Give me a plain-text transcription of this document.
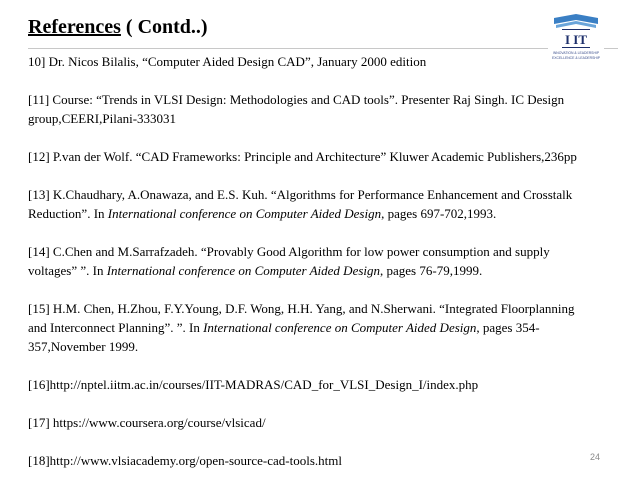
References ( Contd..)
I IT
INNOVATION & LEADERSHIP
EXCELLENCE & LEADERSHIP

10] Dr. Nicos Bilalis, “Computer Aided Design CAD”, January 2000 edition

[11] Course: “Trends in VLSI Design: Methodologies and CAD tools”. Presenter Raj Singh. IC Design group,CEERI,Pilani-333031

[12] P.van der Wolf. “CAD Frameworks: Principle and Architecture” Kluwer Academic Publishers,236pp

[13] K.Chaudhary, A.Onawaza, and E.S. Kuh. “Algorithms for Performance Enhancement and Crosstalk Reduction”. In International conference on Computer Aided Design, pages 697-702,1993.

[14] C.Chen and M.Sarrafzadeh. “Provably Good Algorithm for low power consumption and supply voltages” ”. In International conference on Computer Aided Design, pages 76-79,1999.

[15] H.M. Chen, H.Zhou, F.Y.Young, D.F. Wong, H.H. Yang, and N.Sherwani. “Integrated Floorplanning and Interconnect Planning”. ”. In International conference on Computer Aided Design, pages 354-357,November 1999.

[16]http://nptel.iitm.ac.in/courses/IIT-MADRAS/CAD_for_VLSI_Design_I/index.php

[17] https://www.coursera.org/course/vlsicad/

[18]http://www.vlsiacademy.org/open-source-cad-tools.html	24
